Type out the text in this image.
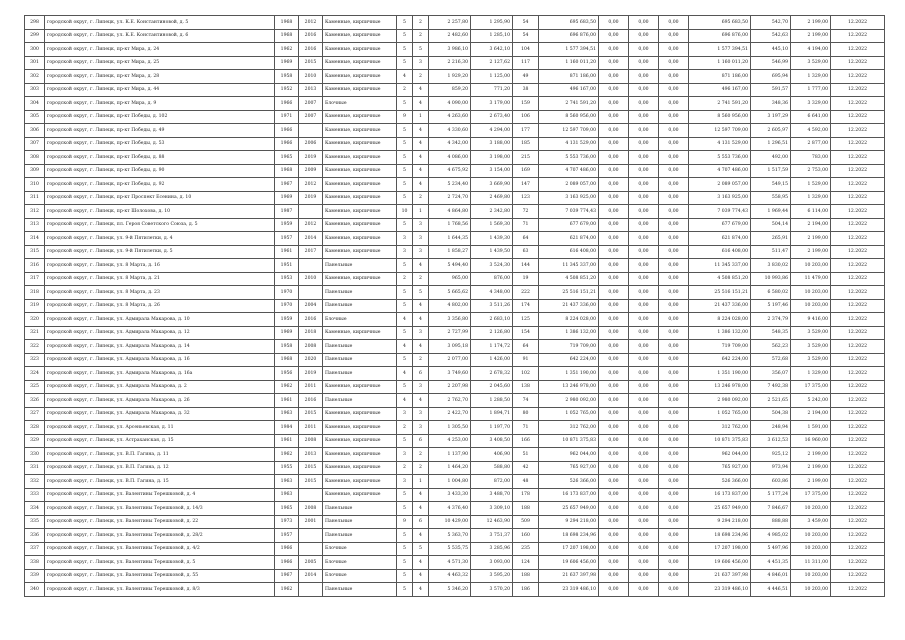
298	городской округ, г. Липецк, ул. К.Е. Константиновой, д. 5	1968	2012	Каменные, кирпичные	5	2	2 257,80	1 295,90	54	695 683,50	0,00	0,00	0,00	695 683,50	542,70	2 199,00	12.2022
299	городской округ, г. Липецк, ул. К.Е. Константиновой, д. 6	1968	2016	Каменные, кирпичные	5	2	2 482,60	1 285,10	54	696 876,00	0,00	0,00	0,00	696 876,00	542,63	2 199,00	12.2022
300	городской округ, г. Липецк, пр-кт Мира, д. 24	1962	2016	Каменные, кирпичные	5	5	3 986,10	3 642,10	104	1 577 394,51	0,00	0,00	0,00	1 577 394,51	445,10	4 194,00	12.2022
301	городской округ, г. Липецк, пр-кт Мира, д. 25	1969	2015	Каменные, кирпичные	5	3	2 216,30	2 127,62	117	1 160 011,20	0,00	0,00	0,00	1 160 011,20	546,99	3 529,00	12.2022
302	городской округ, г. Липецк, пр-кт Мира, д. 28	1958	2010	Каменные, кирпичные	4	2	1 929,20	1 125,00	49	871 186,00	0,00	0,00	0,00	871 186,00	695,94	1 329,00	12.2022
303	городской округ, г. Липецк, пр-кт Мира, д. 44	1952	2013	Каменные, кирпичные	2	4	859,20	771,20	38	496 167,00	0,00	0,00	0,00	496 167,00	591,57	1 777,00	12.2022
304	городской округ, г. Липецк, пр-кт Мира, д. 9	1966	2007	Блочные	5	4	4 090,00	3 179,00	159	2 741 591,20	0,00	0,00	0,00	2 741 591,20	348,36	3 329,00	12.2022
305	городской округ, г. Липецк, пр-кт Победы, д. 102	1971	2007	Каменные, кирпичные	9	1	4 263,60	2 673,40	106	8 560 956,00	0,00	0,00	0,00	8 560 956,00	3 197,29	6 641,00	12.2022
306	городской округ, г. Липецк, пр-кт Победы, д. 49	1966		Каменные, кирпичные	5	4	4 330,60	4 294,00	177	12 597 709,00	0,00	0,00	0,00	12 597 709,00	2 605,97	4 592,00	12.2022
307	городской округ, г. Липецк, пр-кт Победы, д. 53	1966	2006	Каменные, кирпичные	5	4	4 342,00	3 188,00	185	4 131 529,00	0,00	0,00	0,00	4 131 529,00	1 296,51	2 877,00	12.2022
308	городской округ, г. Липецк, пр-кт Победы, д. 88	1965	2019	Каменные, кирпичные	5	4	4 086,00	3 198,00	215	5 553 736,00	0,00	0,00	0,00	5 553 736,00	492,00	783,00	12.2022
309	городской округ, г. Липецк, пр-кт Победы, д. 90	1968	2009	Каменные, кирпичные	5	4	4 675,92	3 154,00	169	4 707 486,00	0,00	0,00	0,00	4 707 486,00	1 517,59	2 753,00	12.2022
310	городской округ, г. Липецк, пр-кт Победы, д. 92	1967	2012	Каменные, кирпичные	5	4	5 234,40	3 669,90	147	2 089 057,00	0,00	0,00	0,00	2 089 057,00	549,15	1 529,00	12.2022
311	городской округ, г. Липецк, пр-кт Проспект Есенина, д. 10	1969	2019	Каменные, кирпичные	5	2	2 724,70	2 469,80	123	3 163 925,00	0,00	0,00	0,00	3 163 925,00	558,95	1 329,00	12.2022
312	городской округ, г. Липецк, пр-кт Шолохова, д. 10	1987		Каменные, кирпичные	10	1	4 864,80	2 342,80	72	7 039 774,43	0,00	0,00	0,00	7 039 774,43	1 969,44	6 114,00	12.2022
313	городской округ, г. Липецк, пл. Героя Советского Союза, д. 5	1959	2012	Каменные, кирпичные	5	3	1 768,56	1 569,30	71	677 679,00	0,00	0,00	0,00	677 679,00	504,14	2 194,00	12.2022
314	городской округ, г. Липецк, ул. 9-й Пятилетки, д. 4	1957	2014	Каменные, кирпичные	3	3	1 644,35	1 439,30	64	621 874,00	0,00	0,00	0,00	621 874,00	265,91	2 199,00	12.2022
315	городской округ, г. Липецк, ул. 9-й Пятилетки, д. 5	1961	2017	Каменные, кирпичные	3	3	1 858,27	1 439,50	63	616 408,00	0,00	0,00	0,00	616 408,00	511,47	2 199,00	12.2022
316	городской округ, г. Липецк, ул. 8 Марта, д. 16	1951		Панельные	5	4	5 494,40	3 524,30	144	11 345 337,00	0,00	0,00	0,00	11 345 337,00	3 830,02	10 203,00	12.2022
317	городской округ, г. Липецк, ул. 8 Марта, д. 21	1953	2010	Каменные, кирпичные	2	2	965,00	876,00	19	4 508 851,20	0,00	0,00	0,00	4 508 851,20	10 993,86	11 479,00	12.2022
318	городской округ, г. Липецк, ул. 8 Марта, д. 23	1970		Панельные	5	5	5 665,62	4 348,00	222	25 516 151,21	0,00	0,00	0,00	25 516 151,21	6 580,02	10 203,00	12.2022
319	городской округ, г. Липецк, ул. 8 Марта, д. 26	1970	2004	Панельные	5	4	4 802,00	3 511,26	174	21 437 336,00	0,00	0,00	0,00	21 437 336,00	5 197,46	10 203,00	12.2022
320	городской округ, г. Липецк, ул. Адмирала Макарова, д. 10	1959	2016	Блочные	4	4	3 356,80	2 683,10	125	8 224 028,00	0,00	0,00	0,00	8 224 028,00	2 374,79	9 416,00	12.2022
321	городской округ, г. Липецк, ул. Адмирала Макарова, д. 12	1969	2018	Каменные, кирпичные	5	3	2 727,99	2 126,80	154	1 386 132,00	0,00	0,00	0,00	1 386 132,00	548,35	3 529,00	12.2022
322	городской округ, г. Липецк, ул. Адмирала Макарова, д. 14	1958	2008	Панельные	4	4	3 095,18	1 174,72	64	719 709,00	0,00	0,00	0,00	719 709,00	562,23	3 529,00	12.2022
323	городской округ, г. Липецк, ул. Адмирала Макарова, д. 16	1968	2020	Панельные	5	2	2 077,00	1 426,00	91	642 224,00	0,00	0,00	0,00	642 224,00	572,68	3 529,00	12.2022
324	городской округ, г. Липецк, ул. Адмирала Макарова, д. 16а	1956	2019	Панельные	4	6	3 749,60	2 678,32	102	1 351 190,00	0,00	0,00	0,00	1 351 190,00	356,07	1 329,00	12.2022
325	городской округ, г. Липецк, ул. Адмирала Макарова, д. 2	1962	2011	Каменные, кирпичные	5	3	2 207,98	2 045,60	138	13 246 978,00	0,00	0,00	0,00	13 246 978,00	7 492,38	17 375,00	12.2022
326	городской округ, г. Липецк, ул. Адмирала Макарова, д. 26	1961	2016	Панельные	4	4	2 762,70	1 288,50	74	2 980 092,00	0,00	0,00	0,00	2 980 092,00	2 521,65	5 242,00	12.2022
327	городской округ, г. Липецк, ул. Адмирала Макарова, д. 32	1963	2015	Каменные, кирпичные	3	3	2 422,70	1 894,71	80	1 052 765,00	0,00	0,00	0,00	1 052 765,00	504,38	2 194,00	12.2022
328	городской округ, г. Липецк, ул. Арсеньевская, д. 11	1984	2011	Каменные, кирпичные	2	3	1 305,50	1 197,70	71	312 762,00	0,00	0,00	0,00	312 762,00	248,94	1 591,00	12.2022
329	городской округ, г. Липецк, ул. Астраханская, д. 15	1961	2008	Каменные, кирпичные	5	6	4 253,00	3 408,50	166	10 871 375,83	0,00	0,00	0,00	10 871 375,83	3 612,53	16 960,00	12.2022
330	городской округ, г. Липецк, ул. В.П. Гагина, д. 11	1962	2013	Каменные, кирпичные	3	2	1 137,90	406,90	51	962 044,00	0,00	0,00	0,00	962 044,00	925,12	2 199,00	12.2022
331	городской округ, г. Липецк, ул. В.П. Гагина, д. 12	1955	2015	Каменные, кирпичные	2	2	1 464,20	588,80	42	765 927,00	0,00	0,00	0,00	765 927,00	973,94	2 199,00	12.2022
332	городской округ, г. Липецк, ул. В.П. Гагина, д. 15	1963	2015	Каменные, кирпичные	3	1	1 004,80	872,00	48	526 366,00	0,00	0,00	0,00	526 366,00	603,86	2 199,00	12.2022
333	городской округ, г. Липецк, ул. Валентины Терешковой, д. 4	1963		Каменные, кирпичные	5	4	3 433,30	3 488,70	178	16 173 837,00	0,00	0,00	0,00	16 173 837,00	5 177,24	17 375,00	12.2022
334	городской округ, г. Липецк, ул. Валентины Терешковой, д. 14/3	1965	2008	Панельные	5	4	4 376,40	3 309,10	188	25 657 949,00	0,00	0,00	0,00	25 657 949,00	7 846,67	10 203,00	12.2022
335	городской округ, г. Липецк, ул. Валентины Терешковой, д. 22	1973	2001	Панельные	9	6	10 429,00	12 463,90	509	9 294 218,00	0,00	0,00	0,00	9 294 218,00	888,88	3 459,00	12.2022
336	городской округ, г. Липецк, ул. Валентины Терешковой, д. 28/2	1957		Панельные	5	4	5 363,70	3 751,37	160	18 698 234,96	0,00	0,00	0,00	18 698 234,96	4 985,02	10 203,00	12.2022
337	городской округ, г. Липецк, ул. Валентины Терешковой, д. 4/2	1966		Блочные	5	5	5 535,75	3 285,96	235	17 207 198,00	0,00	0,00	0,00	17 207 198,00	5 497,96	10 203,00	12.2022
338	городской округ, г. Липецк, ул. Валентины Терешковой, д. 5	1966	2005	Блочные	5	4	4 571,30	3 093,00	124	19 606 456,00	0,00	0,00	0,00	19 606 456,00	4 451,35	11 311,00	12.2022
339	городской округ, г. Липецк, ул. Валентины Терешковой, д. 55	1967	2014	Блочные	5	4	4 463,32	3 595,20	188	21 637 397,98	0,00	0,00	0,00	21 637 397,98	4 846,01	10 203,00	12.2022
340	городской округ, г. Липецк, ул. Валентины Терешковой, д. 8/3	1962		Панельные	5	4	5 346,20	3 570,20	186	23 319 486,10	0,00	0,00	0,00	23 319 486,10	4 446,51	10 203,00	12.2022
